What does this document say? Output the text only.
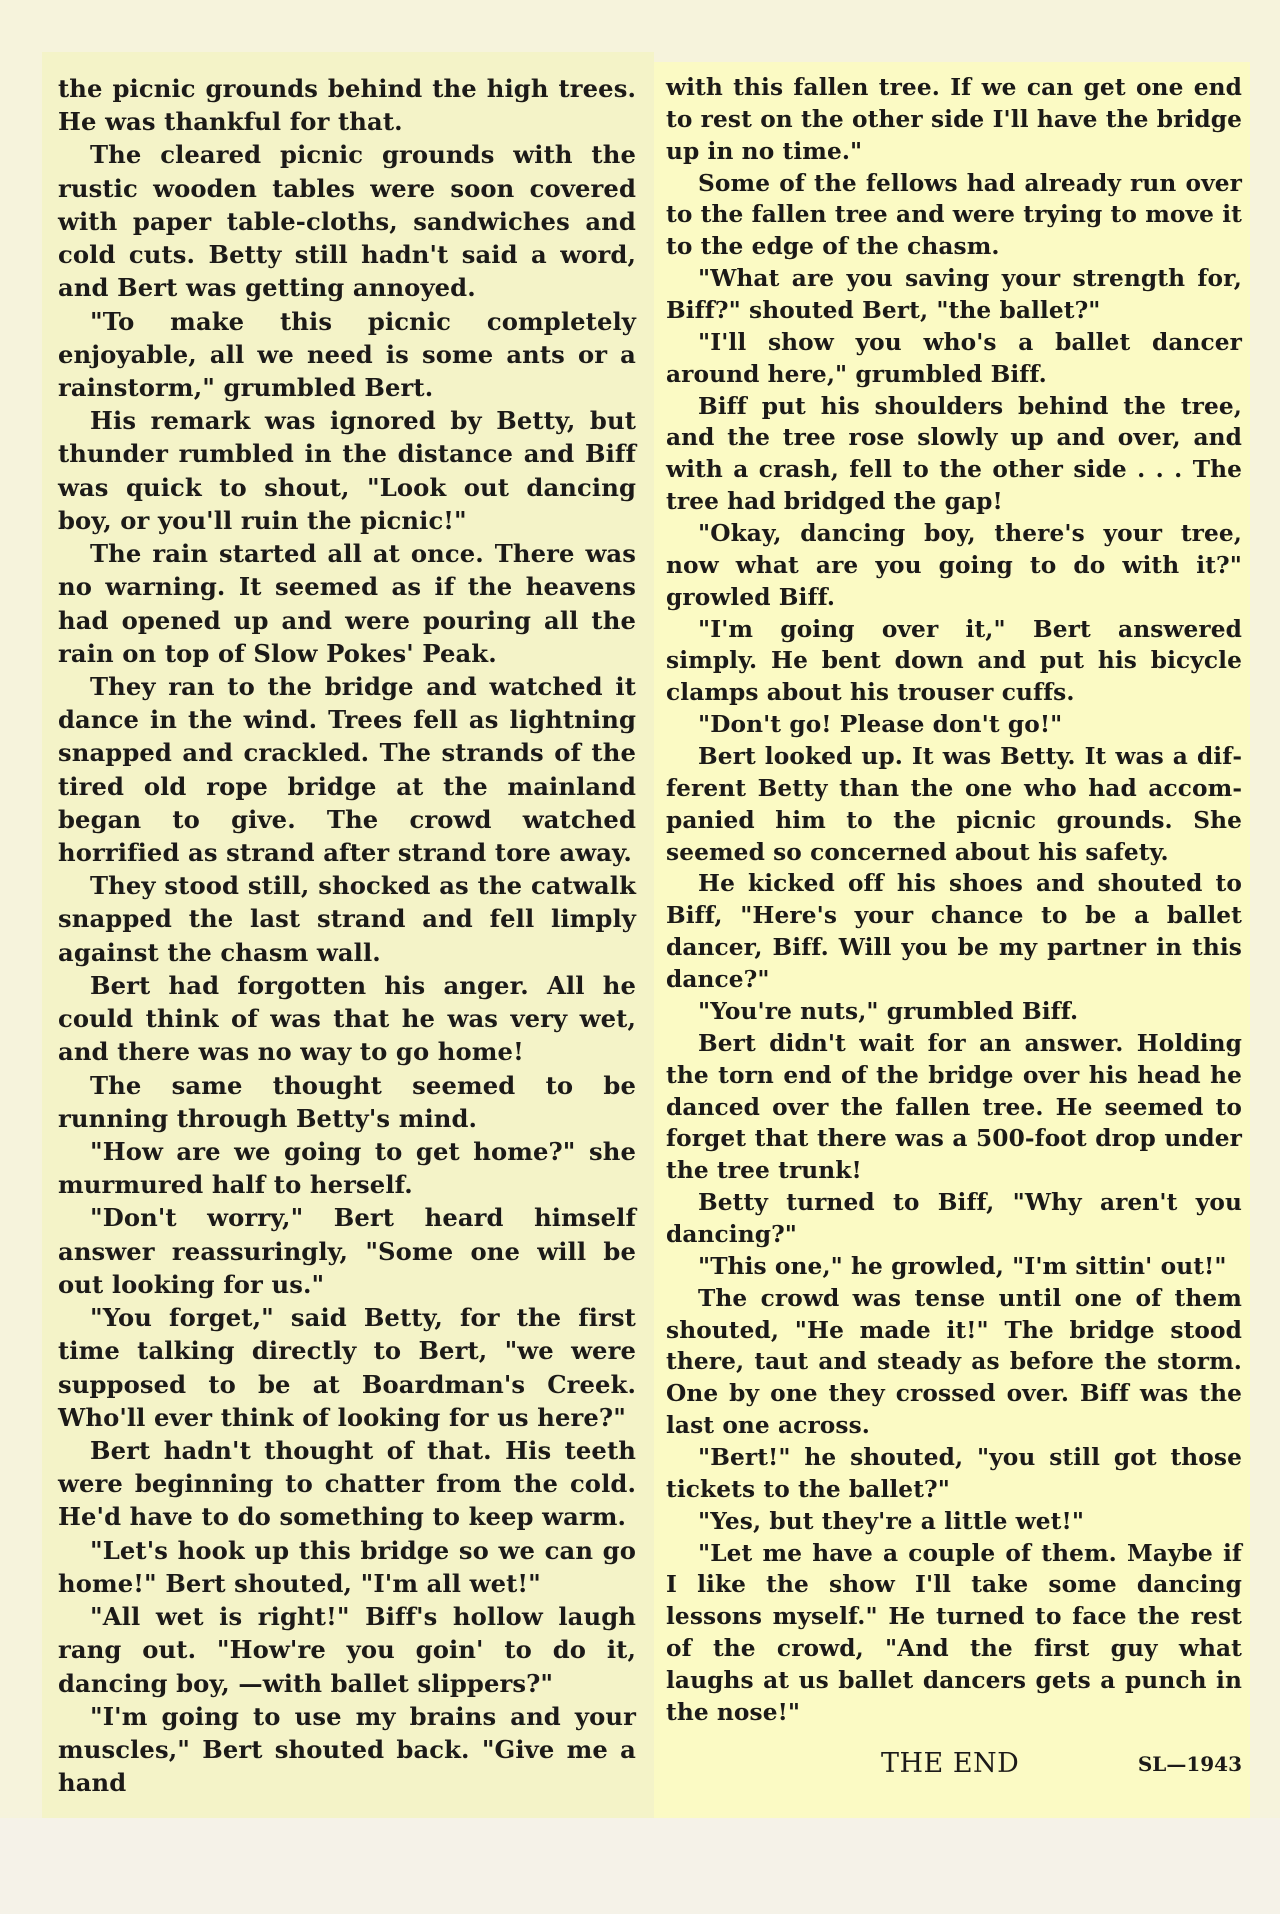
the picnic grounds behind the high trees. He was thankful for that.

The cleared picnic grounds with the rustic wooden tables were soon covered with paper table-cloths, sandwiches and cold cuts. Betty still hadn't said a word, and Bert was getting annoyed.

"To make this picnic completely enjoyable, all we need is some ants or a rainstorm," grumbled Bert.

His remark was ignored by Betty, but thunder rumbled in the distance and Biff was quick to shout, "Look out dancing boy, or you'll ruin the picnic!"

The rain started all at once. There was no warning. It seemed as if the heavens had opened up and were pouring all the rain on top of Slow Pokes' Peak.

They ran to the bridge and watched it dance in the wind. Trees fell as lightning snapped and crackled. The strands of the tired old rope bridge at the mainland began to give. The crowd watched horrified as strand after strand tore away.

They stood still, shocked as the catwalk snapped the last strand and fell limply against the chasm wall.

Bert had forgotten his anger. All he could think of was that he was very wet, and there was no way to go home!

The same thought seemed to be running through Betty's mind.

"How are we going to get home?" she murmured half to herself.

"Don't worry," Bert heard himself answer reassuringly, "Some one will be out looking for us."

"You forget," said Betty, for the first time talking directly to Bert, "we were supposed to be at Boardman's Creek. Who'll ever think of looking for us here?"

Bert hadn't thought of that. His teeth were beginning to chatter from the cold. He'd have to do something to keep warm.

"Let's hook up this bridge so we can go home!" Bert shouted, "I'm all wet!"

"All wet is right!" Biff's hollow laugh rang out. "How're you goin' to do it, dancing boy, —with ballet slippers?"

"I'm going to use my brains and your muscles," Bert shouted back. "Give me a hand

with this fallen tree. If we can get one end to rest on the other side I'll have the bridge up in no time."

Some of the fellows had already run over to the fallen tree and were trying to move it to the edge of the chasm.

"What are you saving your strength for, Biff?" shouted Bert, "the ballet?"

"I'll show you who's a ballet dancer around here," grumbled Biff.

Biff put his shoulders behind the tree, and the tree rose slowly up and over, and with a crash, fell to the other side . . . The tree had bridged the gap!

"Okay, dancing boy, there's your tree, now what are you going to do with it?" growled Biff.

"I'm going over it," Bert answered simply. He bent down and put his bicycle clamps about his trouser cuffs.

"Don't go! Please don't go!"

Bert looked up. It was Betty. It was a different Betty than the one who had accompanied him to the picnic grounds. She seemed so concerned about his safety.

He kicked off his shoes and shouted to Biff, "Here's your chance to be a ballet dancer, Biff. Will you be my partner in this dance?"

"You're nuts," grumbled Biff.

Bert didn't wait for an answer. Holding the torn end of the bridge over his head he danced over the fallen tree. He seemed to forget that there was a 500-foot drop under the tree trunk!

Betty turned to Biff, "Why aren't you dancing?"

"This one," he growled, "I'm sittin' out!"

The crowd was tense until one of them shouted, "He made it!" The bridge stood there, taut and steady as before the storm. One by one they crossed over. Biff was the last one across.

"Bert!" he shouted, "you still got those tickets to the ballet?"

"Yes, but they're a little wet!"

"Let me have a couple of them. Maybe if I like the show I'll take some dancing lessons myself." He turned to face the rest of the crowd, "And the first guy what laughs at us ballet dancers gets a punch in the nose!"

THE END	SL—1943
